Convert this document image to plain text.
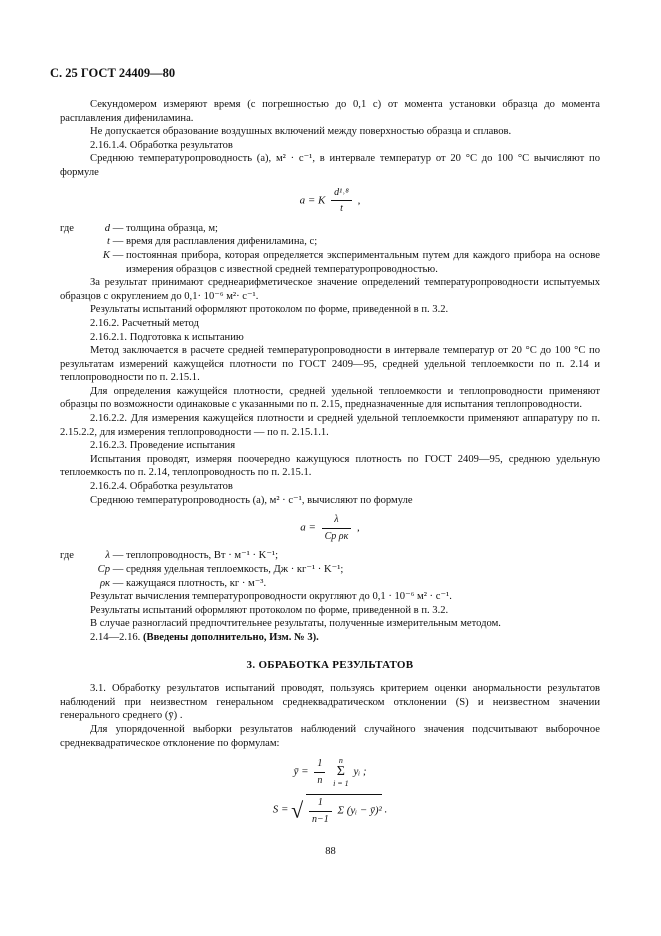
С. 25 ГОСТ 24409—80

Секундомером измеряют время (с погрешностью до 0,1 с) от момента установки образца до момента расплавления дифениламина.

Не допускается образование воздушных включений между поверхностью образца и сплавов.

2.16.1.4. Обработка результатов

Среднюю температуропроводность (a), м² · с⁻¹, в интервале температур от 20 °С до 100 °С вычисляют по формуле

a = K $\frac{\text{d¹˒⁸}}{t}$ ,
где	d — толщина образца, м;
t — время для расплавления дифениламина, с;
K — постоянная прибора, которая определяется экспериментальным путем для каждого прибора на основе измерения образцов с известной средней температуропроводностью.

За результат принимают среднеарифметическое значение определений температуропроводности испытуемых образцов с округлением до 0,1· 10⁻⁶ м²· с⁻¹.

Результаты испытаний оформляют протоколом по форме, приведенной в п. 3.2.

2.16.2. Расчетный метод

2.16.2.1. Подготовка к испытанию

Метод заключается в расчете средней температуропроводности в интервале температур от 20 °С до 100 °С по результатам измерений кажущейся плотности по ГОСТ 2409—95, средней удельной теплоемкости по п. 2.14 и теплопроводности по п. 2.15.1.

Для определения кажущейся плотности, средней удельной теплоемкости и теплопроводности применяют образцы по возможности одинаковые с указанными по п. 2.15, предназначенные для испытания теплопроводности.

2.16.2.2. Для измерения кажущейся плотности и средней удельной теплоемкости применяют аппаратуру по п. 2.15.2.2, для измерения теплопроводности — по п. 2.15.1.1.

2.16.2.3. Проведение испытания

Испытания проводят, измеряя поочередно кажущуюся плотность по ГОСТ 2409—95, среднюю удельную теплоемкость по п. 2.14, теплопроводность по п. 2.15.1.

2.16.2.4. Обработка результатов

Среднюю температуропроводность (a), м² · с⁻¹, вычисляют по формуле

$a = \frac{\lambda}{\text{Cр ρк}}$ ,
где	λ — теплопроводность, Вт · м⁻¹ · K⁻¹;
Cр — средняя удельная теплоемкость, Дж · кг⁻¹ · K⁻¹;
ρк — кажущаяся плотность, кг · м⁻³.

Результат вычисления температуропроводности округляют до 0,1 · 10⁻⁶ м² · с⁻¹.

Результаты испытаний оформляют протоколом по форме, приведенной в п. 3.2.

В случае разногласий предпочтительнее результаты, полученные измерительным методом.

2.14—2.16. (Введены дополнительно, Изм. № 3).

3. ОБРАБОТКА РЕЗУЛЬТАТОВ

3.1. Обработку результатов испытаний проводят, пользуясь критерием оценки анормальности результатов наблюдений при неизвестном генеральном среднеквадратическом отклонении (S) и неизвестном значении генерального среднего (ȳ) .

Для упорядоченной выборки результатов наблюдений случайного значения подсчитывают выборочное среднеквадратическое отклонение по формулам:

ȳ = $\frac{1}{n}$
	n
Σ
i = 1
yᵢ ;
S = √ $\frac{1}{n-1}$ Σ (yᵢ − ȳ)² .
88
